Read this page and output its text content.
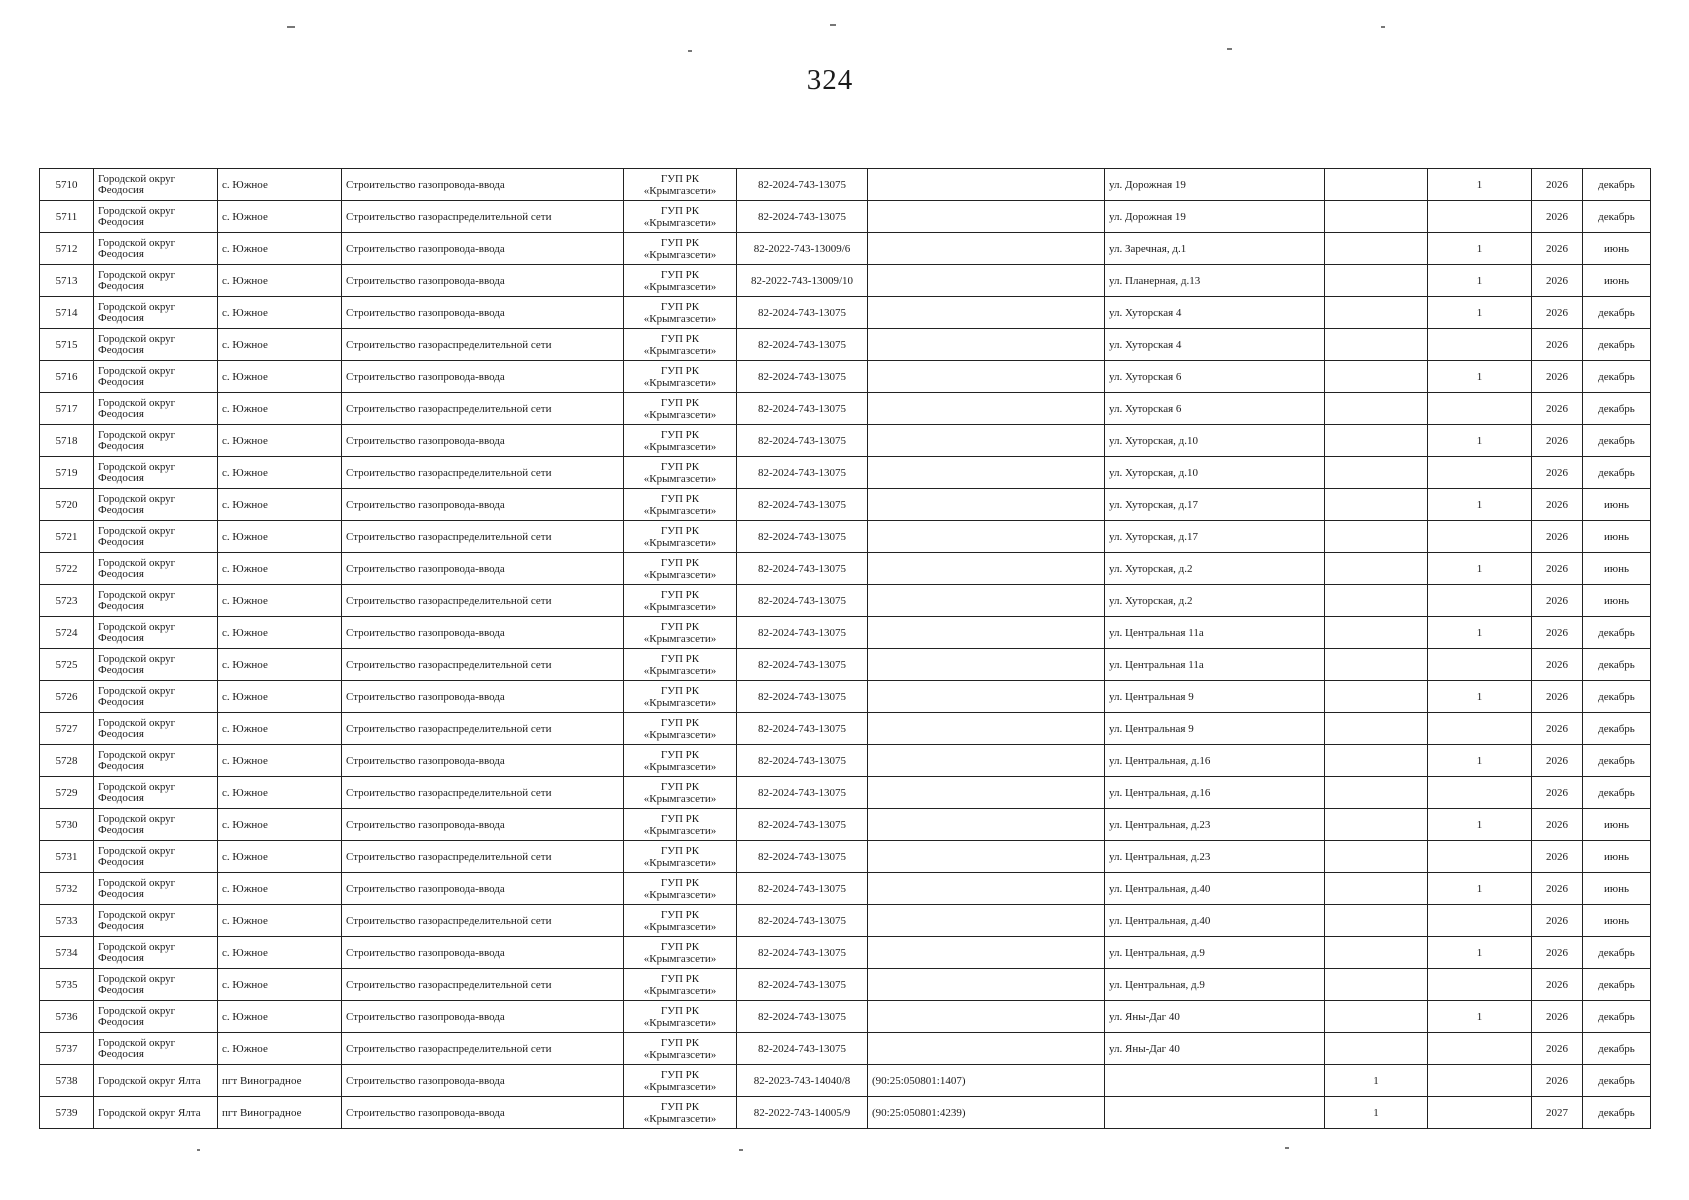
324
5710	Городской округ Феодосия	с. Южное	Строительство газопровода-ввода	ГУП РК «Крымгазсети»	82-2024-743-13075		ул. Дорожная 19		1	2026	декабрь
5711	Городской округ Феодосия	с. Южное	Строительство газораспределительной сети	ГУП РК «Крымгазсети»	82-2024-743-13075		ул. Дорожная 19			2026	декабрь
5712	Городской округ Феодосия	с. Южное	Строительство газопровода-ввода	ГУП РК «Крымгазсети»	82-2022-743-13009/6		ул. Заречная, д.1		1	2026	июнь
5713	Городской округ Феодосия	с. Южное	Строительство газопровода-ввода	ГУП РК «Крымгазсети»	82-2022-743-13009/10		ул. Планерная, д.13		1	2026	июнь
5714	Городской округ Феодосия	с. Южное	Строительство газопровода-ввода	ГУП РК «Крымгазсети»	82-2024-743-13075		ул. Хуторская 4		1	2026	декабрь
5715	Городской округ Феодосия	с. Южное	Строительство газораспределительной сети	ГУП РК «Крымгазсети»	82-2024-743-13075		ул. Хуторская 4			2026	декабрь
5716	Городской округ Феодосия	с. Южное	Строительство газопровода-ввода	ГУП РК «Крымгазсети»	82-2024-743-13075		ул. Хуторская 6		1	2026	декабрь
5717	Городской округ Феодосия	с. Южное	Строительство газораспределительной сети	ГУП РК «Крымгазсети»	82-2024-743-13075		ул. Хуторская 6			2026	декабрь
5718	Городской округ Феодосия	с. Южное	Строительство газопровода-ввода	ГУП РК «Крымгазсети»	82-2024-743-13075		ул. Хуторская, д.10		1	2026	декабрь
5719	Городской округ Феодосия	с. Южное	Строительство газораспределительной сети	ГУП РК «Крымгазсети»	82-2024-743-13075		ул. Хуторская, д.10			2026	декабрь
5720	Городской округ Феодосия	с. Южное	Строительство газопровода-ввода	ГУП РК «Крымгазсети»	82-2024-743-13075		ул. Хуторская, д.17		1	2026	июнь
5721	Городской округ Феодосия	с. Южное	Строительство газораспределительной сети	ГУП РК «Крымгазсети»	82-2024-743-13075		ул. Хуторская, д.17			2026	июнь
5722	Городской округ Феодосия	с. Южное	Строительство газопровода-ввода	ГУП РК «Крымгазсети»	82-2024-743-13075		ул. Хуторская, д.2		1	2026	июнь
5723	Городской округ Феодосия	с. Южное	Строительство газораспределительной сети	ГУП РК «Крымгазсети»	82-2024-743-13075		ул. Хуторская, д.2			2026	июнь
5724	Городской округ Феодосия	с. Южное	Строительство газопровода-ввода	ГУП РК «Крымгазсети»	82-2024-743-13075		ул. Центральная 11а		1	2026	декабрь
5725	Городской округ Феодосия	с. Южное	Строительство газораспределительной сети	ГУП РК «Крымгазсети»	82-2024-743-13075		ул. Центральная 11а			2026	декабрь
5726	Городской округ Феодосия	с. Южное	Строительство газопровода-ввода	ГУП РК «Крымгазсети»	82-2024-743-13075		ул. Центральная 9		1	2026	декабрь
5727	Городской округ Феодосия	с. Южное	Строительство газораспределительной сети	ГУП РК «Крымгазсети»	82-2024-743-13075		ул. Центральная 9			2026	декабрь
5728	Городской округ Феодосия	с. Южное	Строительство газопровода-ввода	ГУП РК «Крымгазсети»	82-2024-743-13075		ул. Центральная, д.16		1	2026	декабрь
5729	Городской округ Феодосия	с. Южное	Строительство газораспределительной сети	ГУП РК «Крымгазсети»	82-2024-743-13075		ул. Центральная, д.16			2026	декабрь
5730	Городской округ Феодосия	с. Южное	Строительство газопровода-ввода	ГУП РК «Крымгазсети»	82-2024-743-13075		ул. Центральная, д.23		1	2026	июнь
5731	Городской округ Феодосия	с. Южное	Строительство газораспределительной сети	ГУП РК «Крымгазсети»	82-2024-743-13075		ул. Центральная, д.23			2026	июнь
5732	Городской округ Феодосия	с. Южное	Строительство газопровода-ввода	ГУП РК «Крымгазсети»	82-2024-743-13075		ул. Центральная, д.40		1	2026	июнь
5733	Городской округ Феодосия	с. Южное	Строительство газораспределительной сети	ГУП РК «Крымгазсети»	82-2024-743-13075		ул. Центральная, д.40			2026	июнь
5734	Городской округ Феодосия	с. Южное	Строительство газопровода-ввода	ГУП РК «Крымгазсети»	82-2024-743-13075		ул. Центральная, д.9		1	2026	декабрь
5735	Городской округ Феодосия	с. Южное	Строительство газораспределительной сети	ГУП РК «Крымгазсети»	82-2024-743-13075		ул. Центральная, д.9			2026	декабрь
5736	Городской округ Феодосия	с. Южное	Строительство газопровода-ввода	ГУП РК «Крымгазсети»	82-2024-743-13075		ул. Яны-Даг 40		1	2026	декабрь
5737	Городской округ Феодосия	с. Южное	Строительство газораспределительной сети	ГУП РК «Крымгазсети»	82-2024-743-13075		ул. Яны-Даг 40			2026	декабрь
5738	Городской округ Ялта	пгт Виноградное	Строительство газопровода-ввода	ГУП РК «Крымгазсети»	82-2023-743-14040/8	(90:25:050801:1407)		1		2026	декабрь
5739	Городской округ Ялта	пгт Виноградное	Строительство газопровода-ввода	ГУП РК «Крымгазсети»	82-2022-743-14005/9	(90:25:050801:4239)		1		2027	декабрь
